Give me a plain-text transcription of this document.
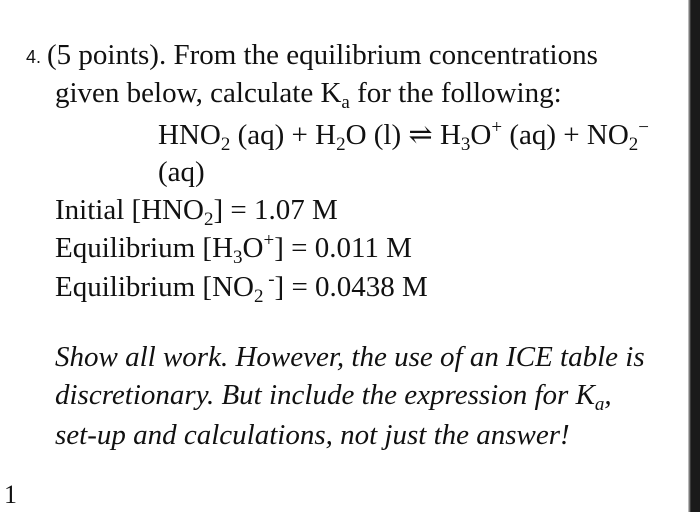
4. (5 points). From the equilibrium concentrations
given below, calculate $K_a$ for the following:
$HNO_2$ $(aq) + H_2O$ (l) ⇌ $H_3O^+$ $(aq) + NO_2^-$
(aq)
Initial $[HNO_2] = 1.07$ M
Equilibrium $[H_3O^+] = 0.011$ M
Equilibrium [$NO_2$ -] = 0.0438 M
Show all work. However, the use of an ICE table is
discretionary. But include the expression for $K_a$,
set-up and calculations, not just the answer!
1
